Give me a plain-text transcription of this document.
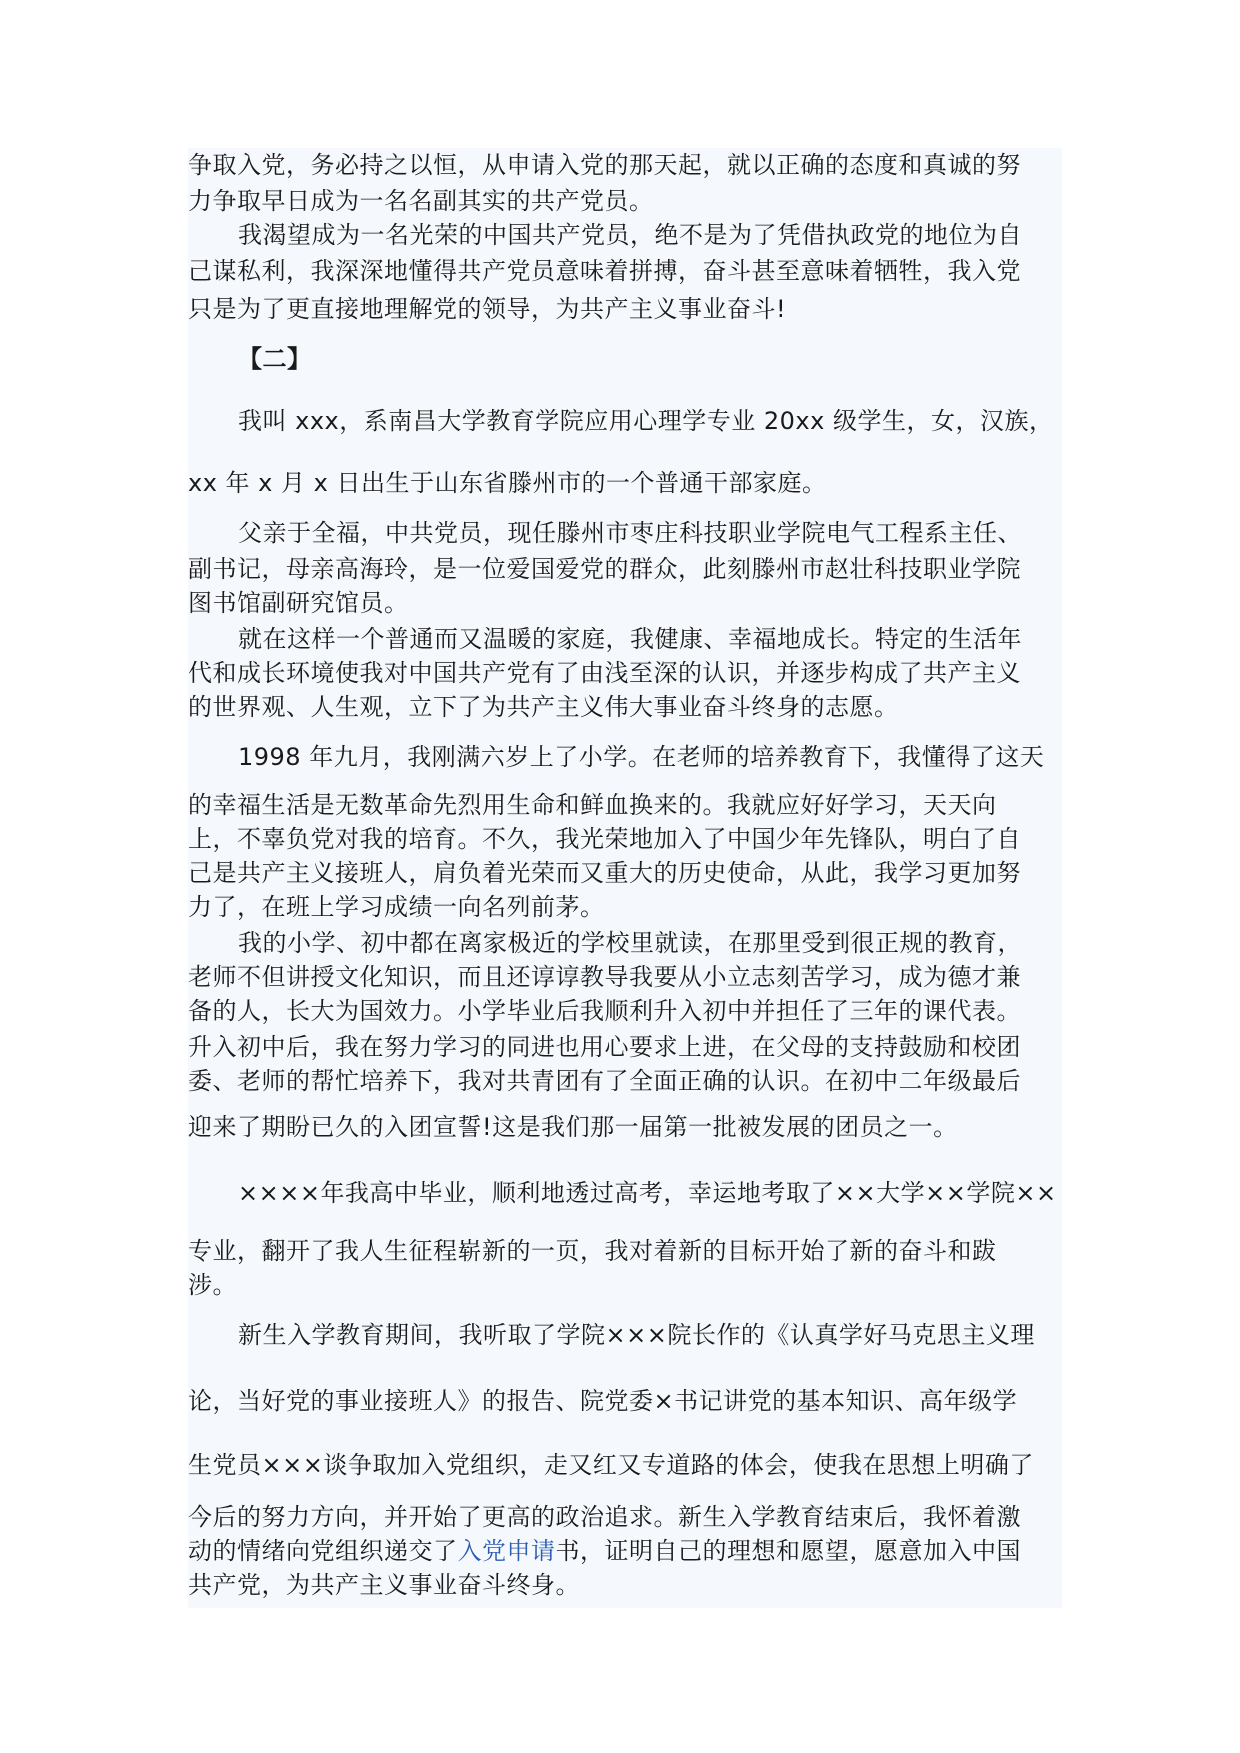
争取入党，务必持之以恒，从申请入党的那天起，就以正确的态度和真诚的努
力争取早日成为一名名副其实的共产党员。
我渴望成为一名光荣的中国共产党员，绝不是为了凭借执政党的地位为自
己谋私利，我深深地懂得共产党员意味着拼搏，奋斗甚至意味着牺牲，我入党
只是为了更直接地理解党的领导，为共产主义事业奋斗!
【二】
我叫 xxx，系南昌大学教育学院应用心理学专业 20xx 级学生，女，汉族，
xx 年 x 月 x 日出生于山东省滕州市的一个普通干部家庭。
父亲于全福，中共党员，现任滕州市枣庄科技职业学院电气工程系主任、
副书记，母亲高海玲，是一位爱国爱党的群众，此刻滕州市赵壮科技职业学院
图书馆副研究馆员。
就在这样一个普通而又温暖的家庭，我健康、幸福地成长。特定的生活年
代和成长环境使我对中国共产党有了由浅至深的认识，并逐步构成了共产主义
的世界观、人生观，立下了为共产主义伟大事业奋斗终身的志愿。
1998 年九月，我刚满六岁上了小学。在老师的培养教育下，我懂得了这天
的幸福生活是无数革命先烈用生命和鲜血换来的。我就应好好学习，天天向
上，不辜负党对我的培育。不久，我光荣地加入了中国少年先锋队，明白了自
己是共产主义接班人，肩负着光荣而又重大的历史使命，从此，我学习更加努
力了，在班上学习成绩一向名列前茅。
我的小学、初中都在离家极近的学校里就读，在那里受到很正规的教育，
老师不但讲授文化知识，而且还谆谆教导我要从小立志刻苦学习，成为德才兼
备的人，长大为国效力。小学毕业后我顺利升入初中并担任了三年的课代表。
升入初中后，我在努力学习的同进也用心要求上进，在父母的支持鼓励和校团
委、老师的帮忙培养下，我对共青团有了全面正确的认识。在初中二年级最后
迎来了期盼已久的入团宣誓!这是我们那一届第一批被发展的团员之一。
××××年我高中毕业，顺利地透过高考，幸运地考取了××大学××学院××
专业，翻开了我人生征程崭新的一页，我对着新的目标开始了新的奋斗和跋
涉。
新生入学教育期间，我听取了学院×××院长作的《认真学好马克思主义理
论，当好党的事业接班人》的报告、院党委×书记讲党的基本知识、高年级学
生党员×××谈争取加入党组织，走又红又专道路的体会，使我在思想上明确了
今后的努力方向，并开始了更高的政治追求。新生入学教育结束后，我怀着激
动的情绪向党组织递交了入党申请书，证明自己的理想和愿望，愿意加入中国
共产党，为共产主义事业奋斗终身。
